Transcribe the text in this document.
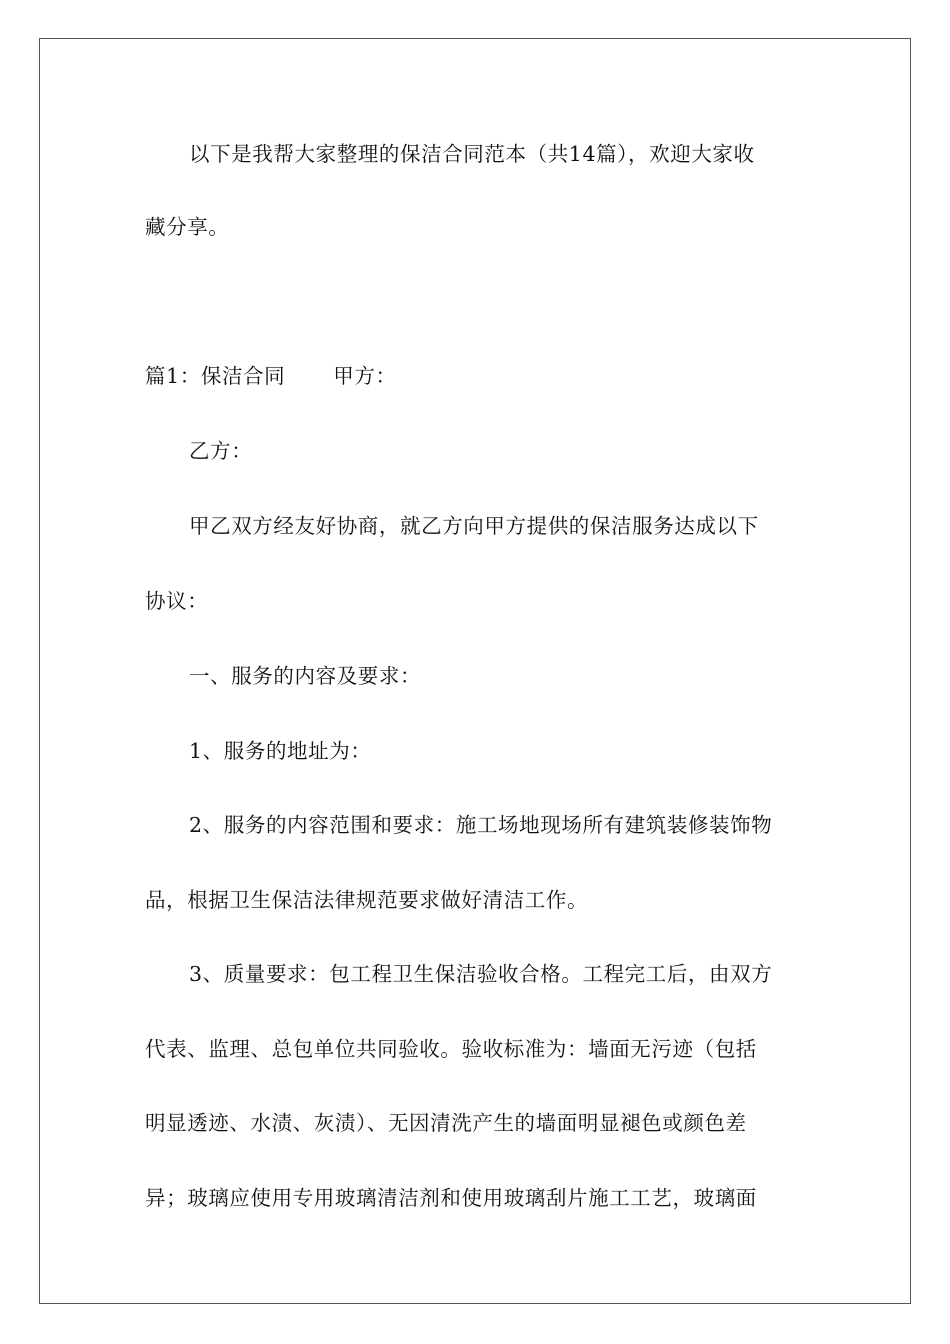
以下是我帮大家整理的保洁合同范本（共14篇），欢迎大家收
藏分享。
篇1：保洁合同 甲方：
乙方：
甲乙双方经友好协商，就乙方向甲方提供的保洁服务达成以下
协议：
一、服务的内容及要求：
1、服务的地址为：
2、服务的内容范围和要求：施工场地现场所有建筑装修装饰物
品，根据卫生保洁法律规范要求做好清洁工作。
3、质量要求：包工程卫生保洁验收合格。工程完工后，由双方
代表、监理、总包单位共同验收。验收标准为：墙面无污迹（包括
明显透迹、水渍、灰渍）、无因清洗产生的墙面明显褪色或颜色差
异；玻璃应使用专用玻璃清洁剂和使用玻璃刮片施工工艺，玻璃面
